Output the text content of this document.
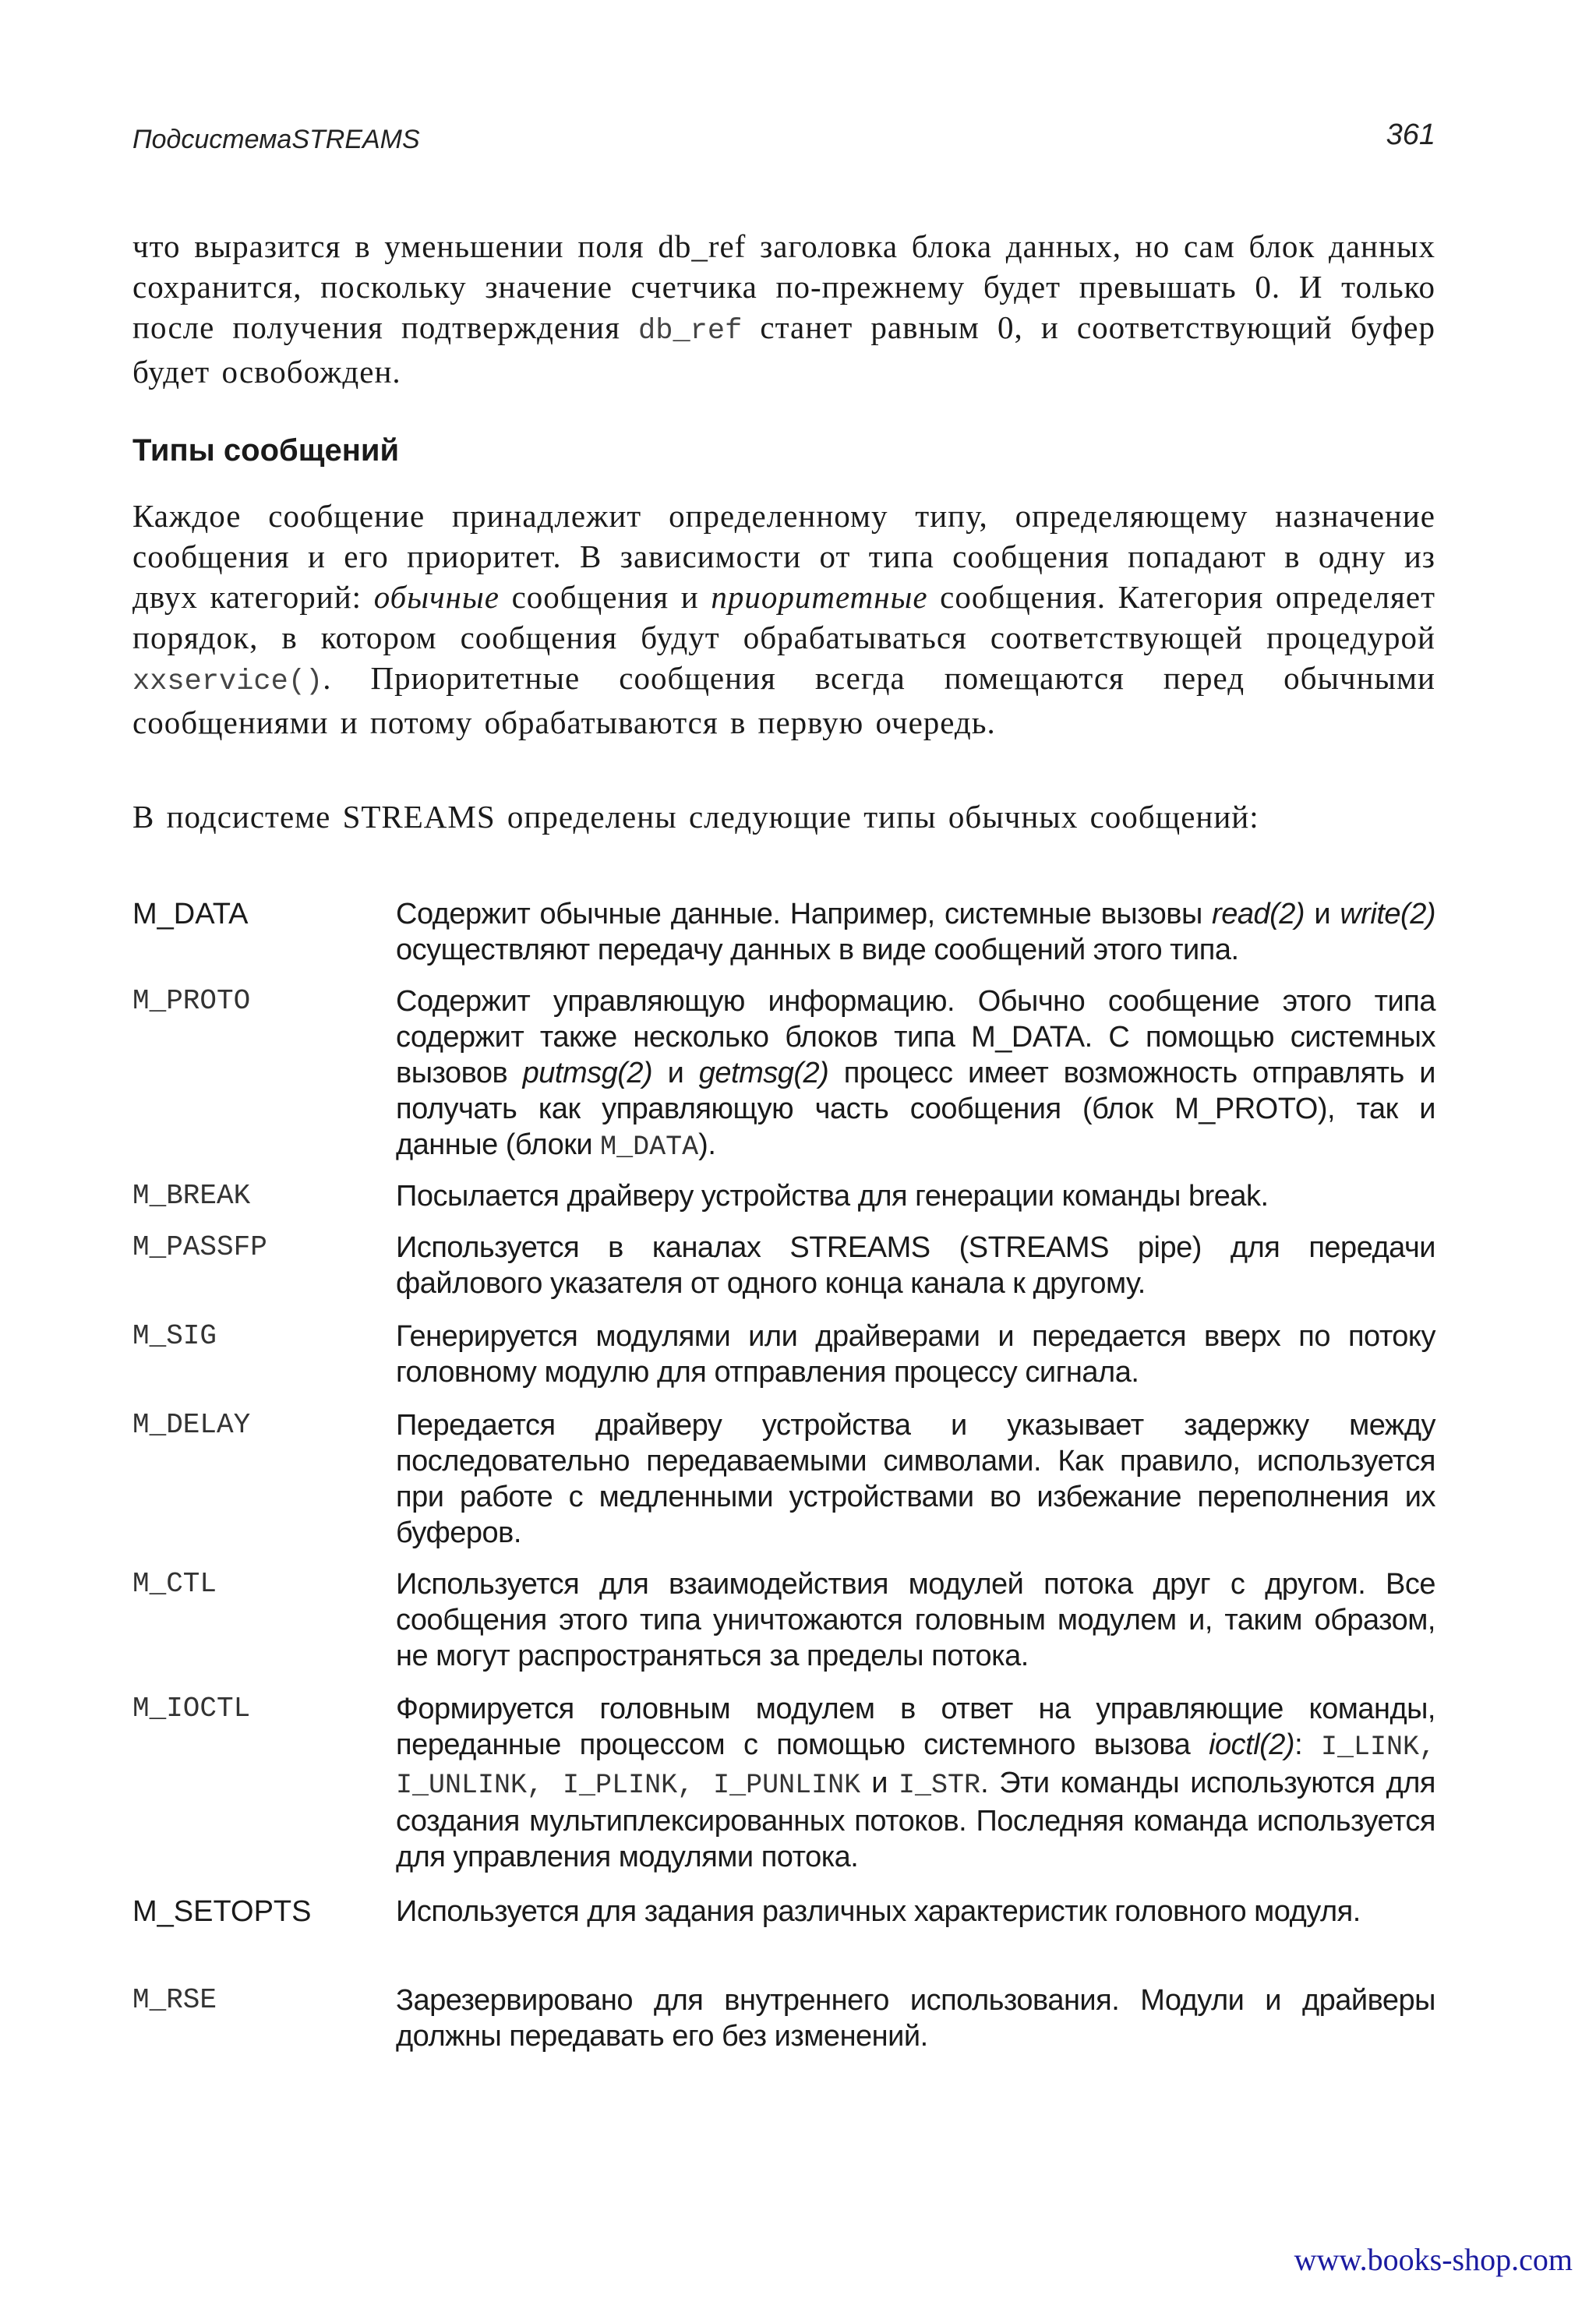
ПодсистемаSTREAMS	361
что выразится в уменьшении поля db_ref заголовка блока данных, но сам блок данных сохранится, поскольку значение счетчика по-прежнему будет превышать 0. И только после получения подтверждения db_ref станет равным 0, и соответствующий буфер будет освобожден.
Типы сообщений
Каждое сообщение принадлежит определенному типу, определяющему назначение сообщения и его приоритет. В зависимости от типа сообщения попадают в одну из двух категорий: обычные сообщения и приоритетные сообщения. Категория определяет порядок, в котором сообщения будут обрабатываться соответствующей процедурой xxservice(). Приоритетные сообщения всегда помещаются перед обычными сообщениями и потому обрабатываются в первую очередь.
В подсистеме STREAMS определены следующие типы обычных сообщений:
M_DATA	Содержит обычные данные. Например, системные вызовы read(2) и write(2) осуществляют передачу данных в виде сообщений этого типа.
M_PROTO	Содержит управляющую информацию. Обычно сообщение этого типа содержит также несколько блоков типа M_DATA. С помощью системных вызовов putmsg(2) и getmsg(2) процесс имеет возможность отправлять и получать как управляющую часть сообщения (блок M_PROTO), так и данные (блоки M_DATA).
M_BREAK	Посылается драйверу устройства для генерации команды break.
M_PASSFP	Используется в каналах STREAMS (STREAMS pipe) для передачи файлового указателя от одного конца канала к другому.
M_SIG	Генерируется модулями или драйверами и передается вверх по потоку головному модулю для отправления процессу сигнала.
M_DELAY	Передается драйверу устройства и указывает задержку между последовательно передаваемыми символами. Как правило, используется при работе с медленными устройствами во избежание переполнения их буферов.
M_CTL	Используется для взаимодействия модулей потока друг с другом. Все сообщения этого типа уничтожаются головным модулем и, таким образом, не могут распространяться за пределы потока.
M_IOCTL	Формируется головным модулем в ответ на управляющие команды, переданные процессом с помощью системного вызова ioctl(2): I_LINK, I_UNLINK, I_PLINK, I_PUNLINK и I_STR. Эти команды используются для создания мультиплексированных потоков. Последняя команда используется для управления модулями потока.
M_SETOPTS	Используется для задания различных характеристик головного модуля.
M_RSE	Зарезервировано для внутреннего использования. Модули и драйверы должны передавать его без изменений.
www.books-shop.com
